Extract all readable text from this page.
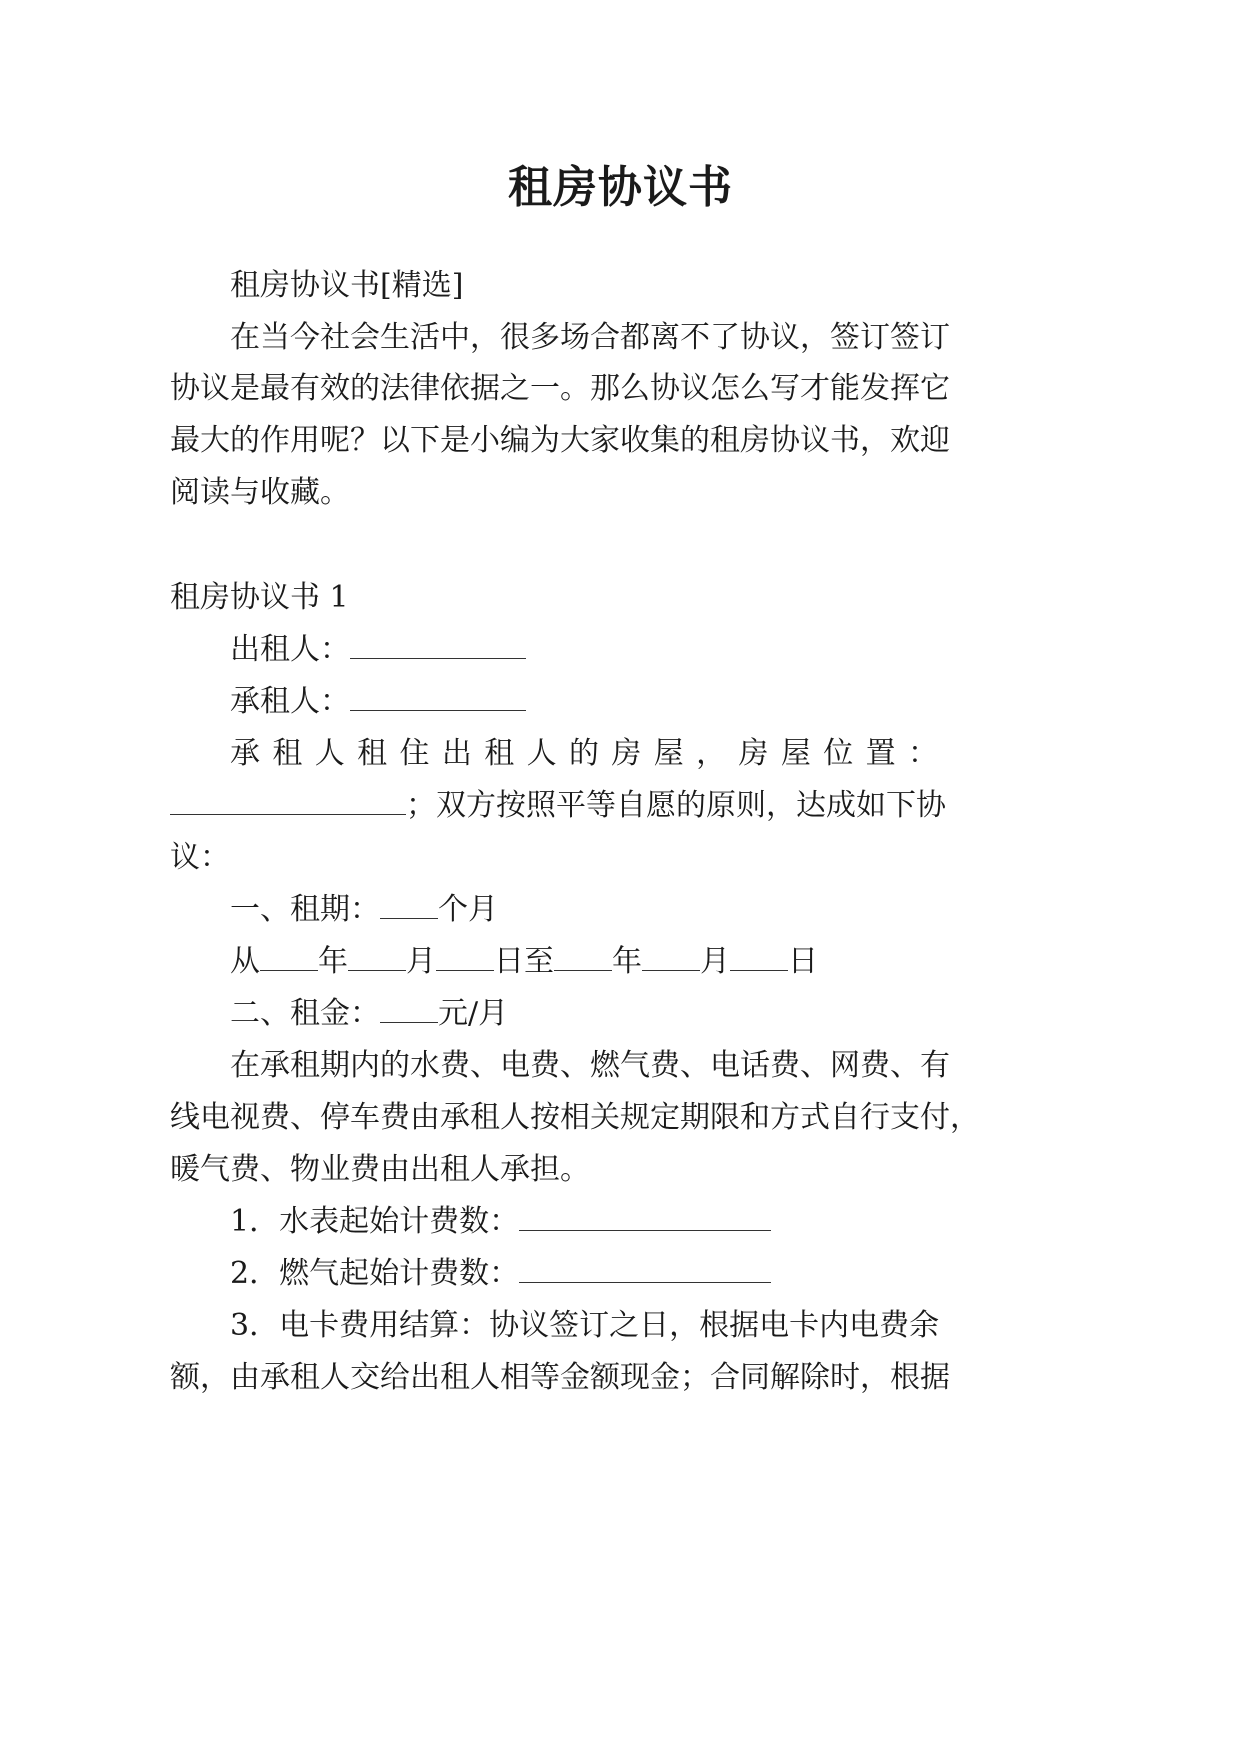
租房协议书
租房协议书[精选]
在当今社会生活中，很多场合都离不了协议，签订签订
协议是最有效的法律依据之一。那么协议怎么写才能发挥它
最大的作用呢？以下是小编为大家收集的租房协议书，欢迎
阅读与收藏。
租房协议书 1
出租人：
承租人：
承租人租住出租人的房屋，房屋位置：
；双方按照平等自愿的原则，达成如下协
议：
一、租期： 个月
从 年 月 日至 年 月 日
二、租金： 元/月
在承租期内的水费、电费、燃气费、电话费、网费、有
线电视费、停车费由承租人按相关规定期限和方式自行支付，
暖气费、物业费由出租人承担。
1．水表起始计费数：
2．燃气起始计费数：
3．电卡费用结算：协议签订之日，根据电卡内电费余
额，由承租人交给出租人相等金额现金；合同解除时，根据
